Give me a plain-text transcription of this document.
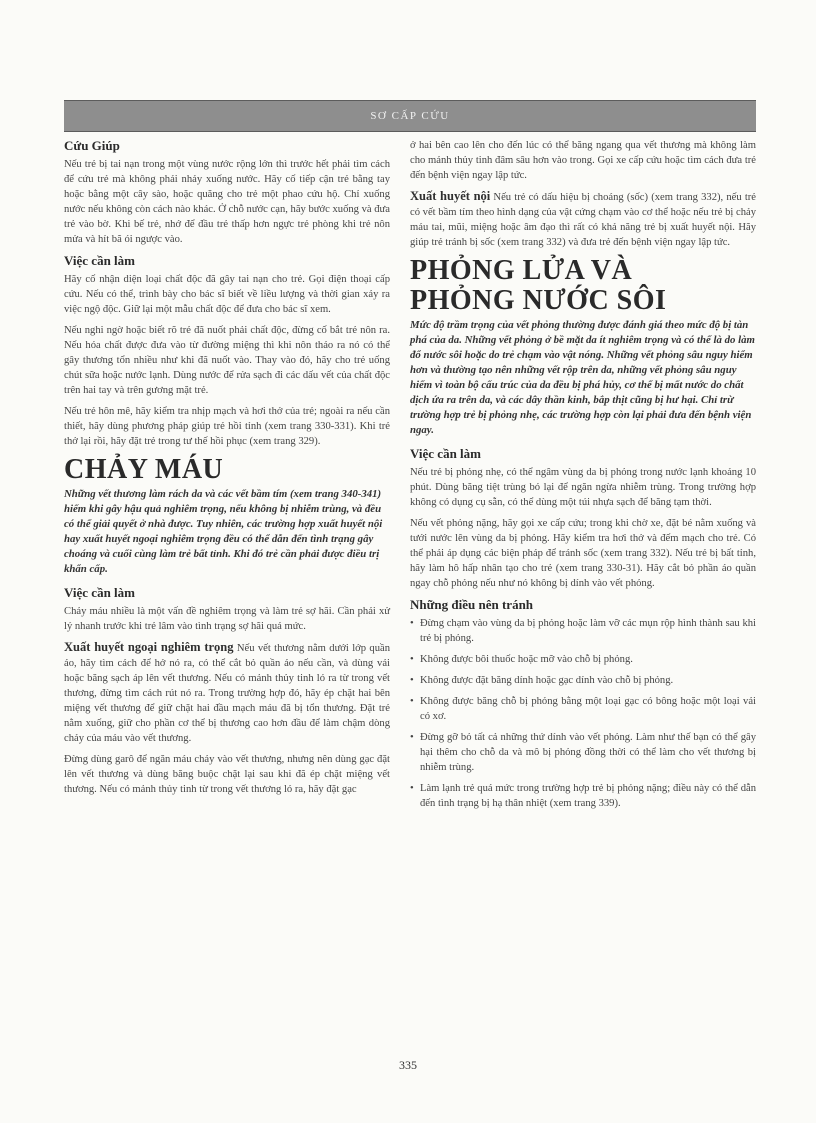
SƠ CẤP CỨU
Cứu Giúp

Nếu trẻ bị tai nạn trong một vùng nước rộng lớn thì trước hết phải tìm cách để cứu trẻ mà không phải nhảy xuống nước. Hãy cố tiếp cận trẻ bằng tay hoặc bằng một cây sào, hoặc quăng cho trẻ một phao cứu hộ. Chỉ xuống nước nếu không còn cách nào khác. Ở chỗ nước cạn, hãy bước xuống và đưa trẻ vào bờ. Khi bế trẻ, nhớ để đầu trẻ thấp hơn ngực trẻ phòng khi trẻ nôn mửa và hít bã ói ngược vào.

Việc cần làm

Hãy cố nhận diện loại chất độc đã gây tai nạn cho trẻ. Gọi điện thoại cấp cứu. Nếu có thể, trình bày cho bác sĩ biết về liều lượng và thời gian xảy ra việc ngộ độc. Giữ lại một mẫu chất độc để đưa cho bác sĩ xem.

Nếu nghi ngờ hoặc biết rõ trẻ đã nuốt phải chất độc, đừng cố bắt trẻ nôn ra. Nếu hóa chất được đưa vào từ đường miệng thì khi nôn thảo ra nó có thể gây thương tổn nhiều như khi đã nuốt vào. Thay vào đó, hãy cho trẻ uống chút sữa hoặc nước lạnh. Dùng nước để rửa sạch đi các dấu vết của chất độc trên hai tay và trên gương mặt trẻ.

Nếu trẻ hôn mê, hãy kiểm tra nhịp mạch và hơi thở của trẻ; ngoài ra nếu cần thiết, hãy dùng phương pháp giúp trẻ hồi tỉnh (xem trang 330-331). Khi trẻ thở lại rồi, hãy đặt trẻ trong tư thế hồi phục (xem trang 329).

CHẢY MÁU
Những vết thương làm rách da và các vết bầm tím (xem trang 340-341) hiếm khi gây hậu quả nghiêm trọng, nếu không bị nhiễm trùng, và đều có thể giải quyết ở nhà được. Tuy nhiên, các trường hợp xuất huyết nội hay xuất huyết ngoại nghiêm trọng đều có thể dẫn đến tình trạng gây choáng và cuối cùng làm trẻ bất tỉnh. Khi đó trẻ cần phải được điều trị khẩn cấp.
Việc cần làm

Chảy máu nhiều là một vấn đề nghiêm trọng và làm trẻ sợ hãi. Cần phải xử lý nhanh trước khi trẻ lâm vào tình trạng sợ hãi quá mức.

Xuất huyết ngoại nghiêm trọng Nếu vết thương nằm dưới lớp quần áo, hãy tìm cách để hở nó ra, có thể cắt bỏ quần áo nếu cần, và dùng vải hoặc băng sạch áp lên vết thương. Nếu có mảnh thủy tinh ló ra từ trong vết thương, đừng tìm cách rút nó ra. Trong trường hợp đó, hãy ép chặt hai bên miệng vết thương để giữ chặt hai đầu mạch máu đã bị tổn thương. Đặt trẻ nằm xuống, giữ cho phần cơ thể bị thương cao hơn đầu để làm chậm dòng chảy của máu vào vết thương.

Đừng dùng garô để ngăn máu chảy vào vết thương, nhưng nên dùng gạc đặt lên vết thương và dùng băng buộc chặt lại sau khi đã ép chặt miệng vết thương. Nếu có mảnh thủy tinh từ trong vết thương ló ra, hãy đặt gạc

ở hai bên cao lên cho đến lúc có thể băng ngang qua vết thương mà không làm cho mảnh thủy tinh đâm sâu hơn vào trong. Gọi xe cấp cứu hoặc tìm cách đưa trẻ đến bệnh viện ngay lập tức.

Xuất huyết nội Nếu trẻ có dấu hiệu bị choáng (sốc) (xem trang 332), nếu trẻ có vết bầm tím theo hình dạng của vật cứng chạm vào cơ thể hoặc nếu trẻ bị chảy máu tai, mũi, miệng hoặc âm đạo thì rất có khả năng trẻ bị xuất huyết nội. Hãy giúp trẻ tránh bị sốc (xem trang 332) và đưa trẻ đến bệnh viện ngay lập tức.

PHỎNG LỬA VÀ
PHỎNG NƯỚC SÔI
Mức độ trầm trọng của vết phỏng thường được đánh giá theo mức độ bị tàn phá của da. Những vết phỏng ở bề mặt da ít nghiêm trọng và có thể là do làm đổ nước sôi hoặc do trẻ chạm vào vật nóng. Những vết phỏng sâu nguy hiểm hơn và thường tạo nên những vết rộp trên da, những vết phỏng sâu nguy hiểm vì toàn bộ cấu trúc của da đều bị phá hủy, cơ thể bị mất nước do chất dịch ứa ra trên da, và các dây thần kinh, bắp thịt cũng bị hư hại. Chỉ trừ trường hợp trẻ bị phỏng nhẹ, các trường hợp còn lại phải đưa đến bệnh viện ngay.
Việc cần làm

Nếu trẻ bị phỏng nhẹ, có thể ngâm vùng da bị phỏng trong nước lạnh khoảng 10 phút. Dùng băng tiệt trùng bó lại để ngăn ngừa nhiễm trùng. Trong trường hợp không có dụng cụ sẵn, có thể dùng một túi nhựa sạch để băng tạm thời.

Nếu vết phỏng nặng, hãy gọi xe cấp cứu; trong khi chờ xe, đặt bé nằm xuống và tưới nước lên vùng da bị phỏng. Hãy kiểm tra hơi thở và đếm mạch cho trẻ. Có thể phải áp dụng các biện pháp để tránh sốc (xem trang 332). Nếu trẻ bị bất tỉnh, hãy làm hô hấp nhân tạo cho trẻ (xem trang 330-31). Hãy cắt bỏ phần áo quần ngay chỗ phỏng nếu như nó không bị dính vào vết phỏng.

Những điều nên tránh
• Đừng chạm vào vùng da bị phỏng hoặc làm vỡ các mụn rộp hình thành sau khi trẻ bị phỏng.
• Không được bôi thuốc hoặc mỡ vào chỗ bị phỏng.
• Không được đặt băng dính hoặc gạc dính vào chỗ bị phỏng.
• Không được băng chỗ bị phỏng bằng một loại gạc có bông hoặc một loại vải có xơ.
• Đừng gỡ bỏ tất cả những thứ dính vào vết phỏng. Làm như thế bạn có thể gây hại thêm cho chỗ da và mô bị phỏng đồng thời có thể làm cho vết thương bị nhiễm trùng.
• Làm lạnh trẻ quá mức trong trường hợp trẻ bị phỏng nặng; điều này có thể dẫn đến tình trạng bị hạ thân nhiệt (xem trang 339).
335
